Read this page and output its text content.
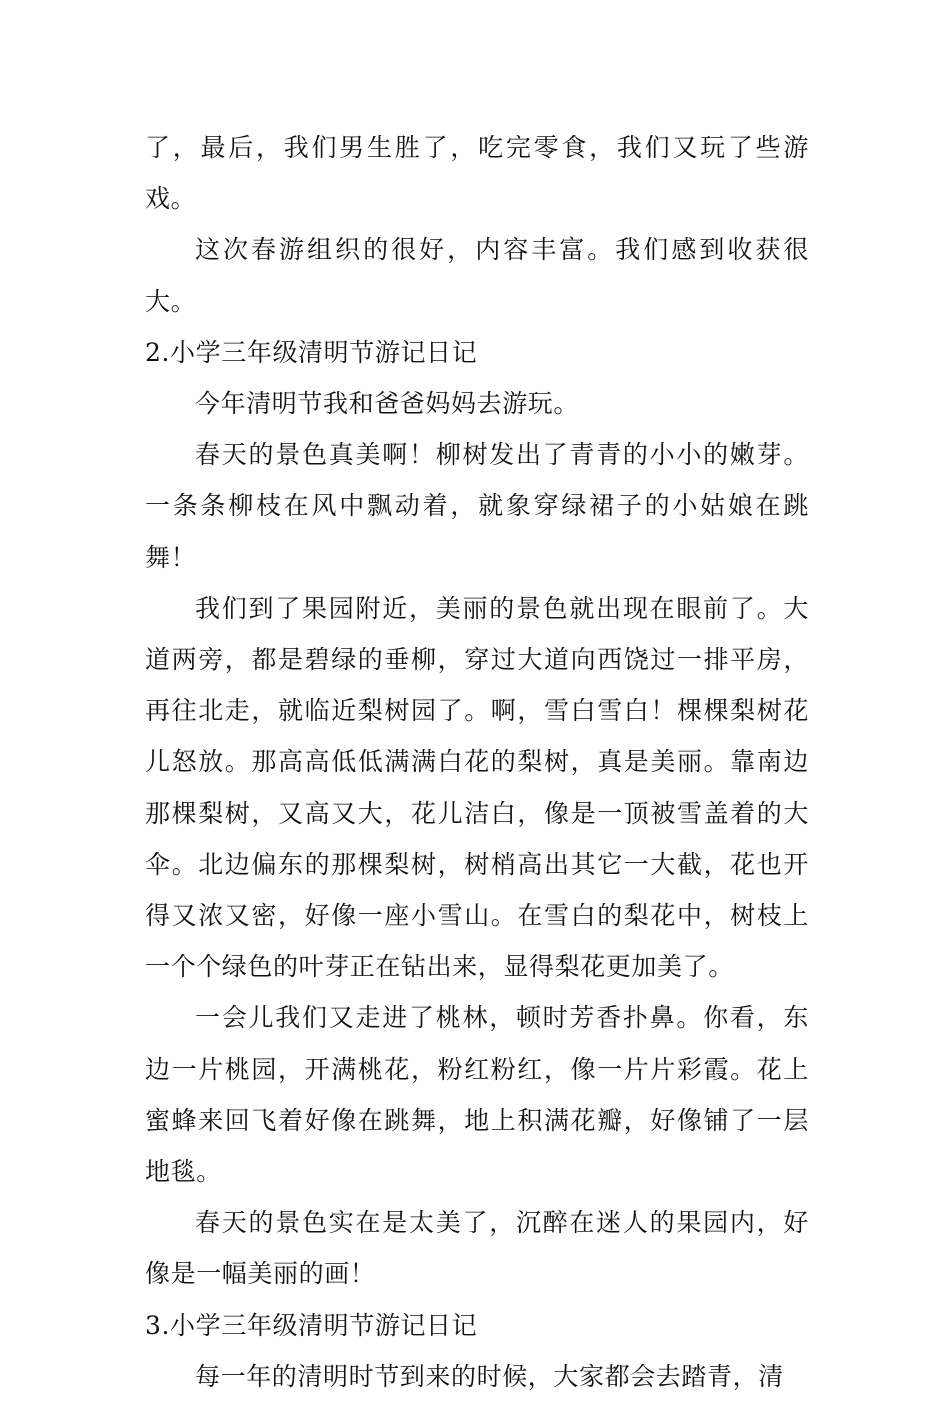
了，最后，我们男生胜了，吃完零食，我们又玩了些游戏。

这次春游组织的很好，内容丰富。我们感到收获很大。

2.小学三年级清明节游记日记

今年清明节我和爸爸妈妈去游玩。

春天的景色真美啊！柳树发出了青青的小小的嫩芽。一条条柳枝在风中飘动着，就象穿绿裙子的小姑娘在跳舞！

我们到了果园附近，美丽的景色就出现在眼前了。大道两旁，都是碧绿的垂柳，穿过大道向西饶过一排平房，再往北走，就临近梨树园了。啊，雪白雪白！棵棵梨树花儿怒放。那高高低低满满白花的梨树，真是美丽。靠南边那棵梨树，又高又大，花儿洁白，像是一顶被雪盖着的大伞。北边偏东的那棵梨树，树梢高出其它一大截，花也开得又浓又密，好像一座小雪山。在雪白的梨花中，树枝上一个个绿色的叶芽正在钻出来，显得梨花更加美了。

一会儿我们又走进了桃林，顿时芳香扑鼻。你看，东边一片桃园，开满桃花，粉红粉红，像一片片彩霞。花上蜜蜂来回飞着好像在跳舞，地上积满花瓣，好像铺了一层地毯。

春天的景色实在是太美了，沉醉在迷人的果园内，好像是一幅美丽的画！

3.小学三年级清明节游记日记

每一年的清明时节到来的时候，大家都会去踏青，清
